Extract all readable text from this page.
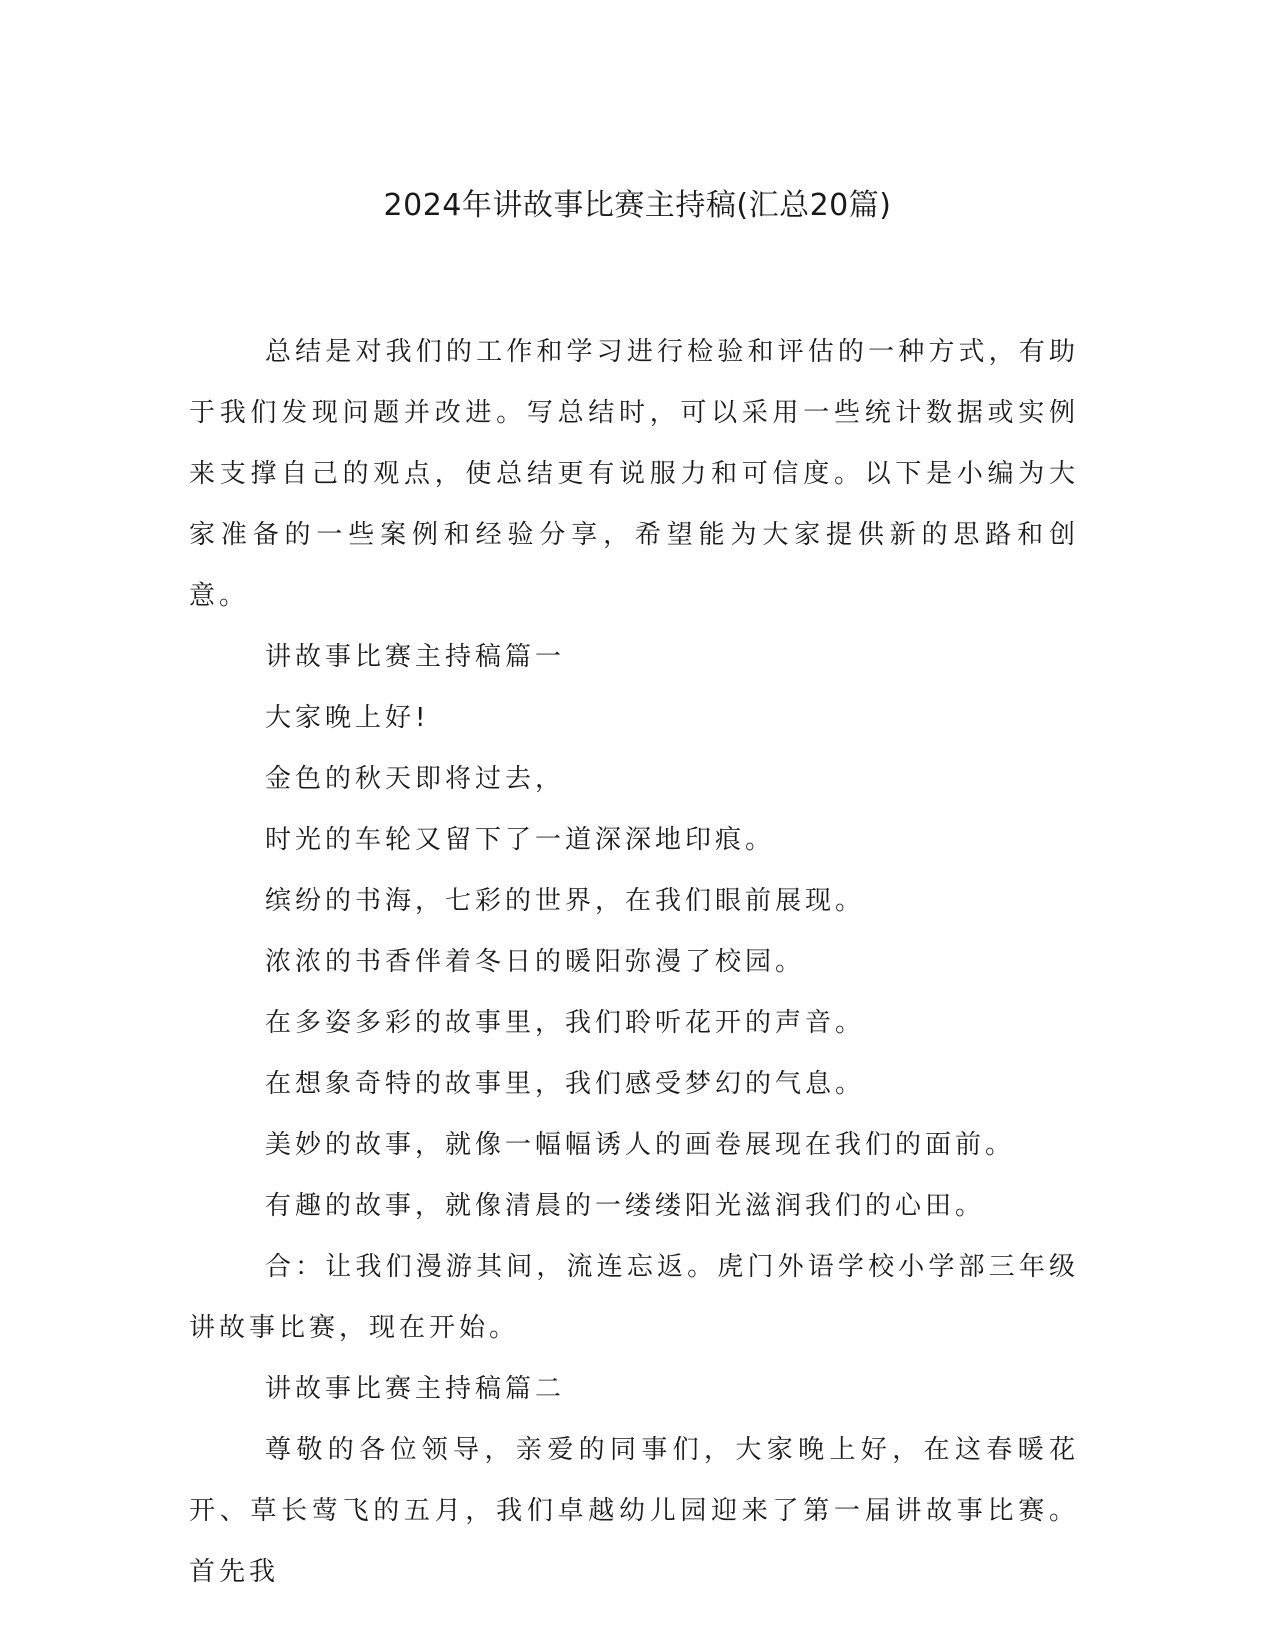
2024年讲故事比赛主持稿(汇总20篇)

总结是对我们的工作和学习进行检验和评估的一种方式，有助于我们发现问题并改进。写总结时，可以采用一些统计数据或实例来支撑自己的观点，使总结更有说服力和可信度。以下是小编为大家准备的一些案例和经验分享，希望能为大家提供新的思路和创意。

讲故事比赛主持稿篇一

大家晚上好!

金色的秋天即将过去，

时光的车轮又留下了一道深深地印痕。

缤纷的书海，七彩的世界，在我们眼前展现。

浓浓的书香伴着冬日的暖阳弥漫了校园。

在多姿多彩的故事里，我们聆听花开的声音。

在想象奇特的故事里，我们感受梦幻的气息。

美妙的故事，就像一幅幅诱人的画卷展现在我们的面前。

有趣的故事，就像清晨的一缕缕阳光滋润我们的心田。

合：让我们漫游其间，流连忘返。虎门外语学校小学部三年级讲故事比赛，现在开始。

讲故事比赛主持稿篇二

尊敬的各位领导，亲爱的同事们，大家晚上好，在这春暖花开、草长莺飞的五月，我们卓越幼儿园迎来了第一届讲故事比赛。首先我
